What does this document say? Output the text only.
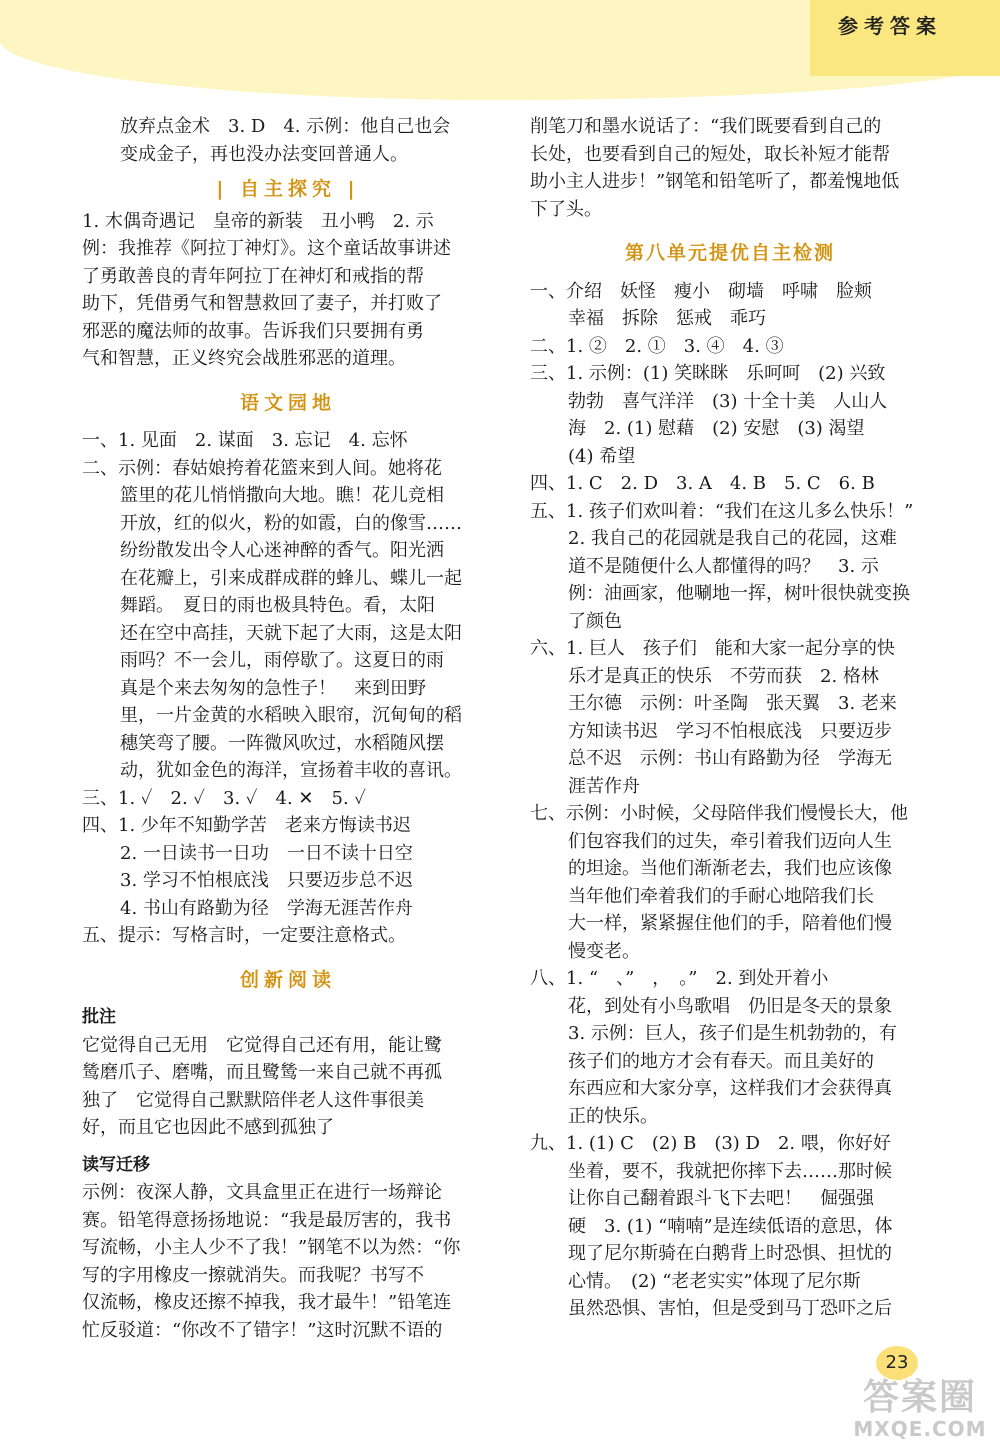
参考答案
放弃点金术　3. D　4. 示例：他自己也会
变成金子，再也没办法变回普通人。
| 自主探究 |
1. 木偶奇遇记　皇帝的新装　丑小鸭　2. 示
例：我推荐《阿拉丁神灯》。这个童话故事讲述
了勇敢善良的青年阿拉丁在神灯和戒指的帮
助下，凭借勇气和智慧救回了妻子，并打败了
邪恶的魔法师的故事。告诉我们只要拥有勇
气和智慧，正义终究会战胜邪恶的道理。
语文园地
一、1. 见面　2. 谋面　3. 忘记　4. 忘怀
二、示例：春姑娘挎着花篮来到人间。她将花
篮里的花儿悄悄撒向大地。瞧！花儿竞相
开放，红的似火，粉的如霞，白的像雪……
纷纷散发出令人心迷神醉的香气。阳光洒
在花瓣上，引来成群成群的蜂儿、蝶儿一起
舞蹈。　夏日的雨也极具特色。看，太阳
还在空中高挂，天就下起了大雨，这是太阳
雨吗？不一会儿，雨停歇了。这夏日的雨
真是个来去匆匆的急性子！　来到田野
里，一片金黄的水稻映入眼帘，沉甸甸的稻
穗笑弯了腰。一阵微风吹过，水稻随风摆
动，犹如金色的海洋，宣扬着丰收的喜讯。
三、1. ✓　2. ✓　3. ✓　4. ✕　5. ✓
四、1. 少年不知勤学苦　老来方悔读书迟
2. 一日读书一日功　一日不读十日空
3. 学习不怕根底浅　只要迈步总不迟
4. 书山有路勤为径　学海无涯苦作舟
五、提示：写格言时，一定要注意格式。
创新阅读
批注
它觉得自己无用　它觉得自己还有用，能让鹭
鸶磨爪子、磨嘴，而且鹭鸶一来自己就不再孤
独了　它觉得自己默默陪伴老人这件事很美
好，而且它也因此不感到孤独了
读写迁移
示例：夜深人静，文具盒里正在进行一场辩论
赛。铅笔得意扬扬地说：“我是最厉害的，我书
写流畅，小主人少不了我！”钢笔不以为然：“你
写的字用橡皮一擦就消失。而我呢？书写不
仅流畅，橡皮还擦不掉我，我才最牛！”铅笔连
忙反驳道：“你改不了错字！”这时沉默不语的
削笔刀和墨水说话了：“我们既要看到自己的
长处，也要看到自己的短处，取长补短才能帮
助小主人进步！”钢笔和铅笔听了，都羞愧地低
下了头。
第八单元提优自主检测
一、介绍　妖怪　瘦小　砌墙　呼啸　脸颊
幸福　拆除　惩戒　乖巧
二、1. ②　2. ①　3. ④　4. ③
三、1. 示例：(1) 笑眯眯　乐呵呵　(2) 兴致
勃勃　喜气洋洋　(3) 十全十美　人山人
海　2. (1) 慰藉　(2) 安慰　(3) 渴望
(4) 希望
四、1. C　2. D　3. A　4. B　5. C　6. B
五、1. 孩子们欢叫着：“我们在这儿多么快乐！”
2. 我自己的花园就是我自己的花园，这难
道不是随便什么人都懂得的吗？　3. 示
例：油画家，他唰地一挥，树叶很快就变换
了颜色
六、1. 巨人　孩子们　能和大家一起分享的快
乐才是真正的快乐　不劳而获　2. 格林
王尔德　示例：叶圣陶　张天翼　3. 老来
方知读书迟　学习不怕根底浅　只要迈步
总不迟　示例：书山有路勤为径　学海无
涯苦作舟
七、示例：小时候，父母陪伴我们慢慢长大，他
们包容我们的过失，牵引着我们迈向人生
的坦途。当他们渐渐老去，我们也应该像
当年他们牵着我们的手耐心地陪我们长
大一样，紧紧握住他们的手，陪着他们慢
慢变老。
八、1. “　、”　，　。”　2. 到处开着小
花，到处有小鸟歌唱　仍旧是冬天的景象
3. 示例：巨人，孩子们是生机勃勃的，有
孩子们的地方才会有春天。而且美好的
东西应和大家分享，这样我们才会获得真
正的快乐。
九、1. (1) C　(2) B　(3) D　2. 喂，你好好
坐着，要不，我就把你摔下去……那时候
让你自己翻着跟斗飞下去吧！　倔强强
硬　3. (1) “喃喃”是连续低语的意思，体
现了尼尔斯骑在白鹅背上时恐惧、担忧的
心情。　(2) “老老实实”体现了尼尔斯
虽然恐惧、害怕，但是受到马丁恐吓之后
23
答案圈
MXQE.COM
